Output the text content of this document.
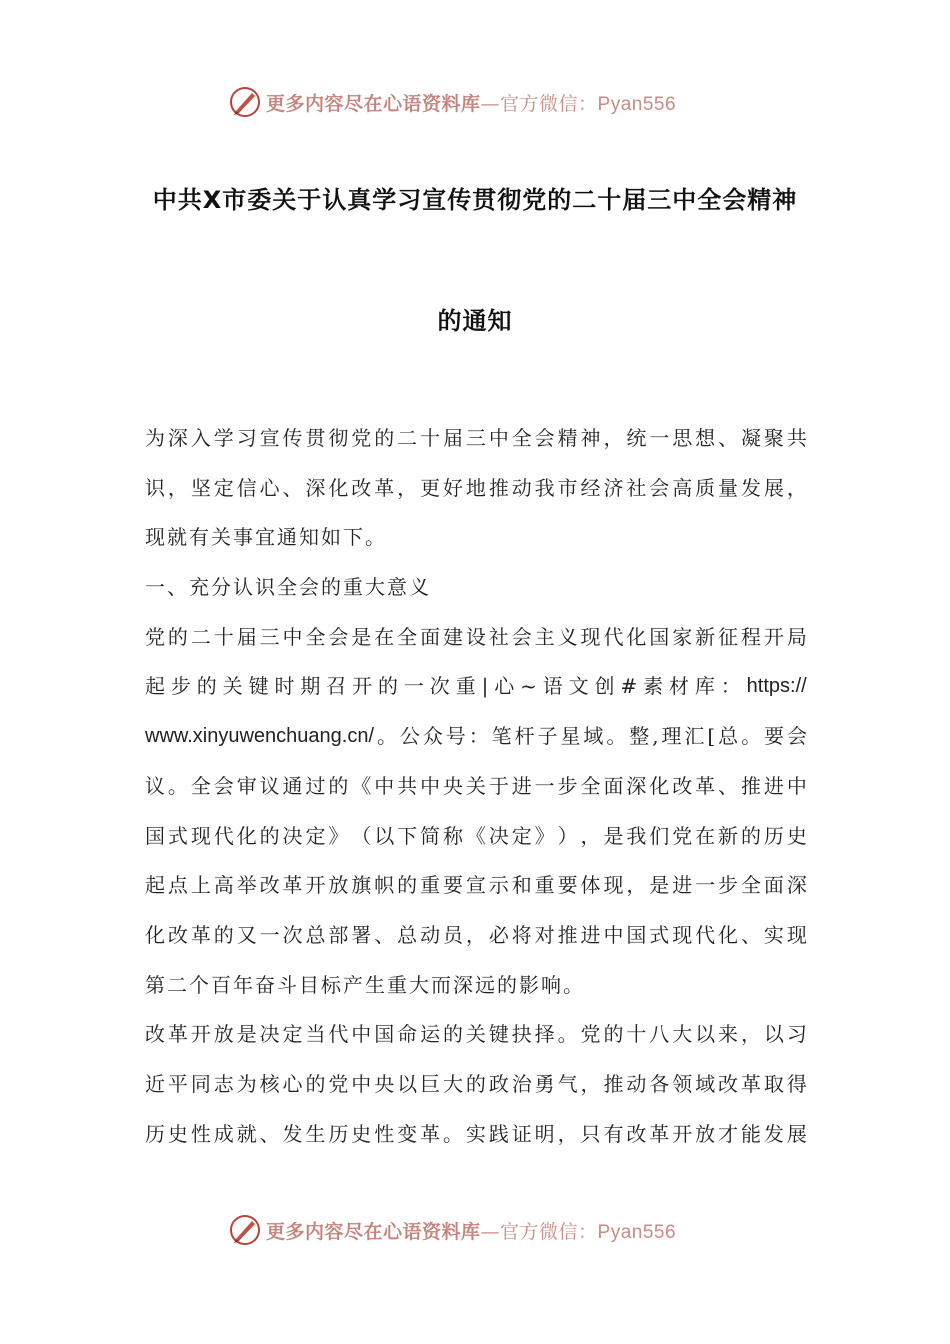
更多内容尽在心语资料库—官方微信：Pyan556
中共X市委关于认真学习宣传贯彻党的二十届三中全会精神
的通知
为 深 入 学 习 宣 传 贯 彻 党 的 二 十 届 三 中 全 会 精 神 ， 统 一 思 想 、 凝 聚 共
识 ， 坚 定 信 心 、 深 化 改 革 ， 更 好 地 推 动 我 市 经 济 社 会 高 质 量 发 展 ，
现就有关事宜通知如下。
一、充分认识全会的重大意义
党 的 二 十 届 三 中 全 会 是 在 全 面 建 设 社 会 主 义 现 代 化 国 家 新 征 程 开 局
起 步 的 关 键 时 期 召 开 的 一 次 重 | 心 ~ 语 文 创 # 素 材 库 ： https://
www.xinyuwenchuang.cn/ 。 公 众 号 ： 笔 杆 子 星 域 。 整 , 理 汇 [ 总 。 要 会
议 。 全 会 审 议 通 过 的 《 中 共 中 央 关 于 进 一 步 全 面 深 化 改 革 、 推 进 中
国 式 现 代 化 的 决 定 》 （ 以 下 简 称 《 决 定 》 ） ， 是 我 们 党 在 新 的 历 史
起 点 上 高 举 改 革 开 放 旗 帜 的 重 要 宣 示 和 重 要 体 现 ， 是 进 一 步 全 面 深
化 改 革 的 又 一 次 总 部 署 、 总 动 员 ， 必 将 对 推 进 中 国 式 现 代 化 、 实 现
第二个百年奋斗目标产生重大而深远的影响。
改 革 开 放 是 决 定 当 代 中 国 命 运 的 关 键 抉 择 。 党 的 十 八 大 以 来 ， 以 习
近 平 同 志 为 核 心 的 党 中 央 以 巨 大 的 政 治 勇 气 ， 推 动 各 领 域 改 革 取 得
历 史 性 成 就 、 发 生 历 史 性 变 革 。 实 践 证 明 ， 只 有 改 革 开 放 才 能 发 展
更多内容尽在心语资料库—官方微信：Pyan556
